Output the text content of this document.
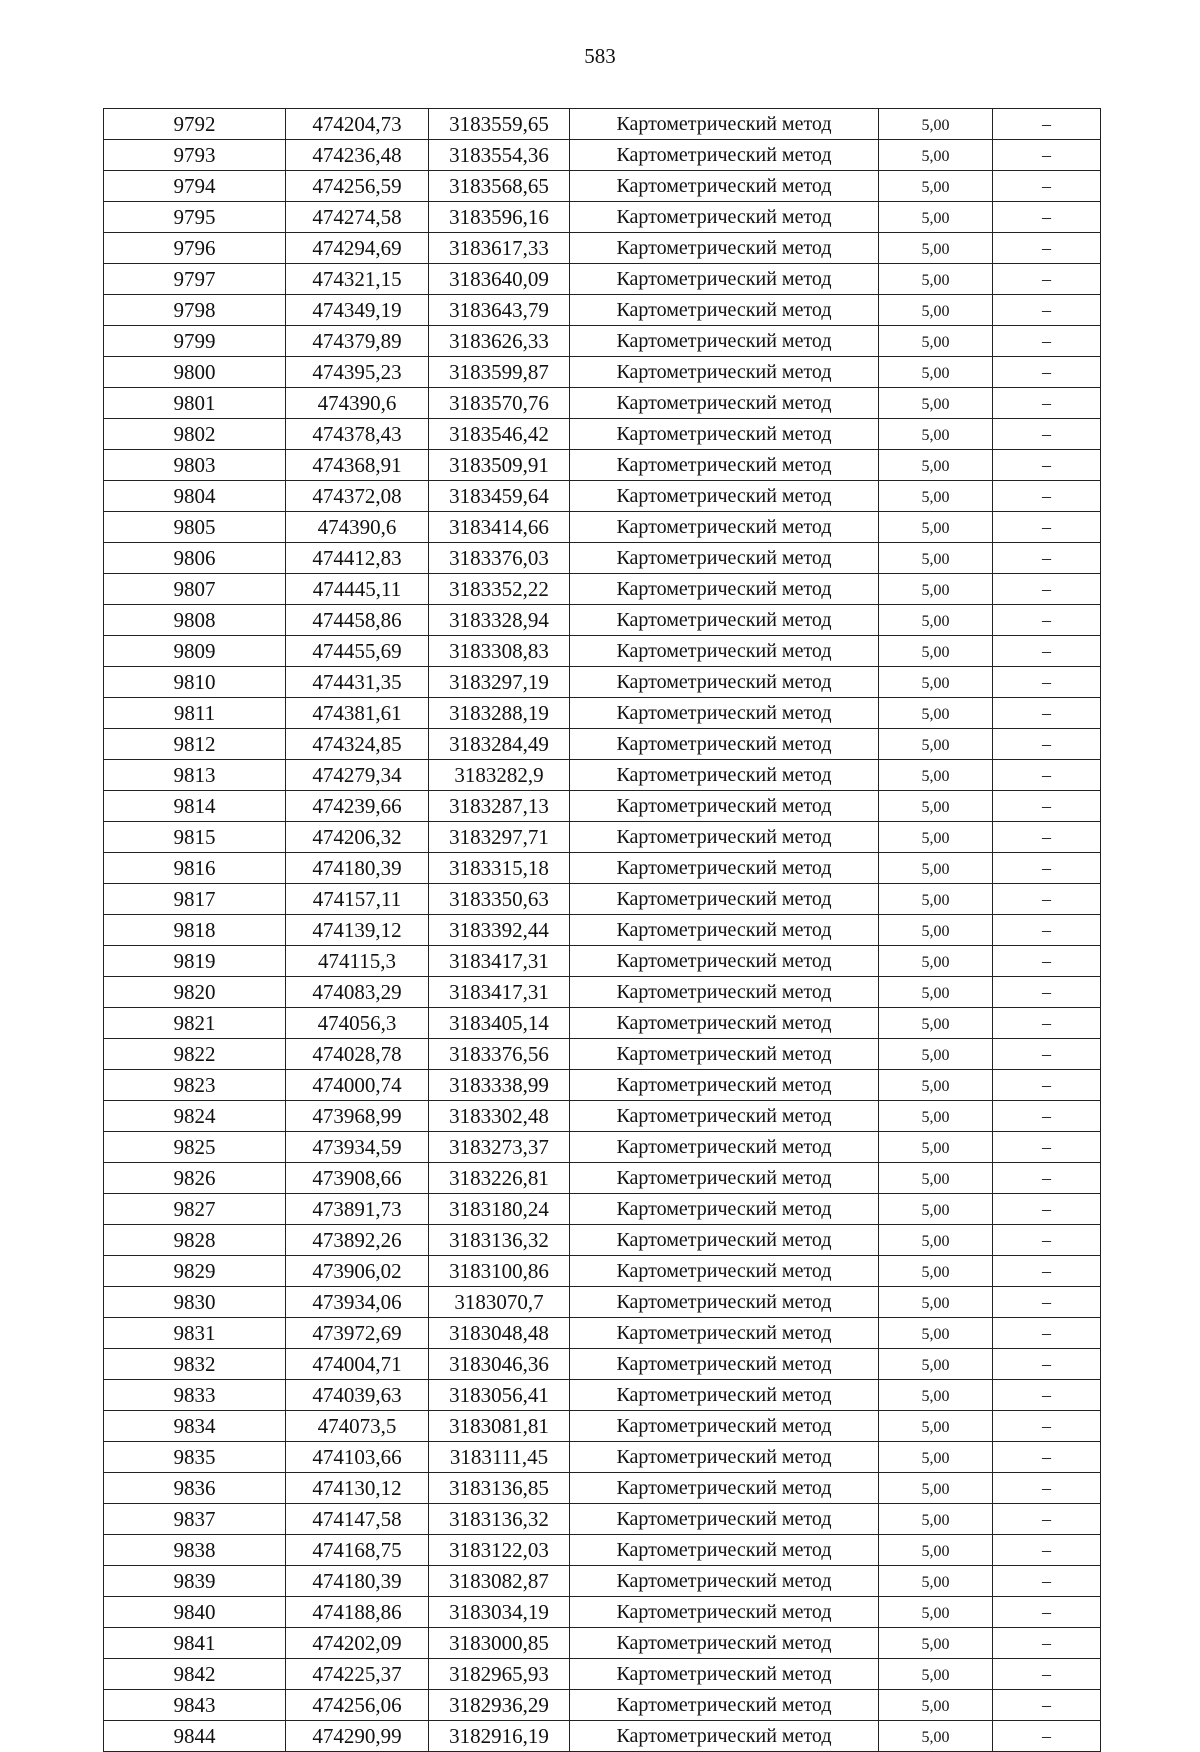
583
9792	474204,73	3183559,65	Картометрический метод	5,00	–
9793	474236,48	3183554,36	Картометрический метод	5,00	–
9794	474256,59	3183568,65	Картометрический метод	5,00	–
9795	474274,58	3183596,16	Картометрический метод	5,00	–
9796	474294,69	3183617,33	Картометрический метод	5,00	–
9797	474321,15	3183640,09	Картометрический метод	5,00	–
9798	474349,19	3183643,79	Картометрический метод	5,00	–
9799	474379,89	3183626,33	Картометрический метод	5,00	–
9800	474395,23	3183599,87	Картометрический метод	5,00	–
9801	474390,6	3183570,76	Картометрический метод	5,00	–
9802	474378,43	3183546,42	Картометрический метод	5,00	–
9803	474368,91	3183509,91	Картометрический метод	5,00	–
9804	474372,08	3183459,64	Картометрический метод	5,00	–
9805	474390,6	3183414,66	Картометрический метод	5,00	–
9806	474412,83	3183376,03	Картометрический метод	5,00	–
9807	474445,11	3183352,22	Картометрический метод	5,00	–
9808	474458,86	3183328,94	Картометрический метод	5,00	–
9809	474455,69	3183308,83	Картометрический метод	5,00	–
9810	474431,35	3183297,19	Картометрический метод	5,00	–
9811	474381,61	3183288,19	Картометрический метод	5,00	–
9812	474324,85	3183284,49	Картометрический метод	5,00	–
9813	474279,34	3183282,9	Картометрический метод	5,00	–
9814	474239,66	3183287,13	Картометрический метод	5,00	–
9815	474206,32	3183297,71	Картометрический метод	5,00	–
9816	474180,39	3183315,18	Картометрический метод	5,00	–
9817	474157,11	3183350,63	Картометрический метод	5,00	–
9818	474139,12	3183392,44	Картометрический метод	5,00	–
9819	474115,3	3183417,31	Картометрический метод	5,00	–
9820	474083,29	3183417,31	Картометрический метод	5,00	–
9821	474056,3	3183405,14	Картометрический метод	5,00	–
9822	474028,78	3183376,56	Картометрический метод	5,00	–
9823	474000,74	3183338,99	Картометрический метод	5,00	–
9824	473968,99	3183302,48	Картометрический метод	5,00	–
9825	473934,59	3183273,37	Картометрический метод	5,00	–
9826	473908,66	3183226,81	Картометрический метод	5,00	–
9827	473891,73	3183180,24	Картометрический метод	5,00	–
9828	473892,26	3183136,32	Картометрический метод	5,00	–
9829	473906,02	3183100,86	Картометрический метод	5,00	–
9830	473934,06	3183070,7	Картометрический метод	5,00	–
9831	473972,69	3183048,48	Картометрический метод	5,00	–
9832	474004,71	3183046,36	Картометрический метод	5,00	–
9833	474039,63	3183056,41	Картометрический метод	5,00	–
9834	474073,5	3183081,81	Картометрический метод	5,00	–
9835	474103,66	3183111,45	Картометрический метод	5,00	–
9836	474130,12	3183136,85	Картометрический метод	5,00	–
9837	474147,58	3183136,32	Картометрический метод	5,00	–
9838	474168,75	3183122,03	Картометрический метод	5,00	–
9839	474180,39	3183082,87	Картометрический метод	5,00	–
9840	474188,86	3183034,19	Картометрический метод	5,00	–
9841	474202,09	3183000,85	Картометрический метод	5,00	–
9842	474225,37	3182965,93	Картометрический метод	5,00	–
9843	474256,06	3182936,29	Картометрический метод	5,00	–
9844	474290,99	3182916,19	Картометрический метод	5,00	–
